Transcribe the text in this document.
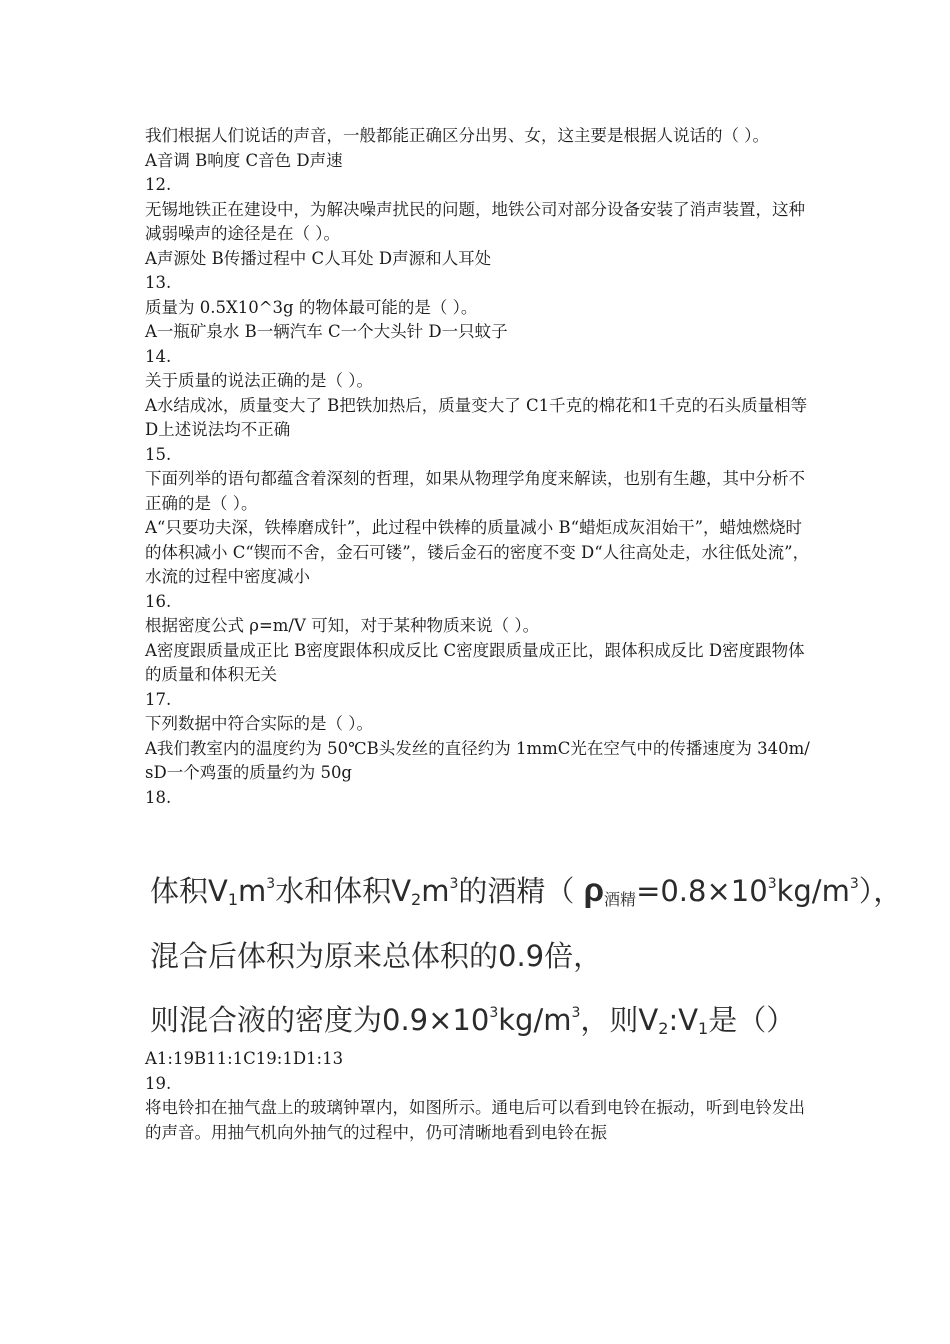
我们根据人们说话的声音，一般都能正确区分出男、女，这主要是根据人说话的（ ）。
A音调 B响度 C音色 D声速
12.
无锡地铁正在建设中，为解决噪声扰民的问题，地铁公司对部分设备安装了消声装置，这种减弱噪声的途径是在（ ）。
A声源处 B传播过程中 C人耳处 D声源和人耳处
13.
质量为 0.5X10^3g 的物体最可能的是（ ）。
A一瓶矿泉水 B一辆汽车 C一个大头针 D一只蚊子
14.
关于质量的说法正确的是（ ）。
A水结成冰，质量变大了 B把铁加热后，质量变大了 C1千克的棉花和1千克的石头质量相等 D上述说法均不正确
15.
下面列举的语句都蕴含着深刻的哲理，如果从物理学角度来解读，也别有生趣，其中分析不正确的是（ ）。
A“只要功夫深，铁棒磨成针”，此过程中铁棒的质量减小 B“蜡炬成灰泪始干”，蜡烛燃烧时的体积减小 C“锲而不舍，金石可镂”，镂后金石的密度不变 D“人往高处走，水往低处流”，水流的过程中密度减小
16.
根据密度公式 ρ=m/V 可知，对于某种物质来说（ ）。
A密度跟质量成正比 B密度跟体积成反比 C密度跟质量成正比，跟体积成反比 D密度跟物体的质量和体积无关
17.
下列数据中符合实际的是（ ）。
A我们教室内的温度约为 50℃B头发丝的直径约为 1mmC光在空气中的传播速度为 340m/sD一个鸡蛋的质量约为 50g
18.
体积$V_1m^3$水和体积$V_2m^3$的酒精（ $\rho_{酒精}=0.8\times 10^3kg/m^3$），
混合后体积为原来总体积的0.9倍，
则混合液的密度为$0.9\times 10^3kg/m^3$，则$V_2:V_1$是（）
A1:19B11:1C19:1D1:13
19.
将电铃扣在抽气盘上的玻璃钟罩内，如图所示。通电后可以看到电铃在振动，听到电铃发出的声音。用抽气机向外抽气的过程中，仍可清晰地看到电铃在振
